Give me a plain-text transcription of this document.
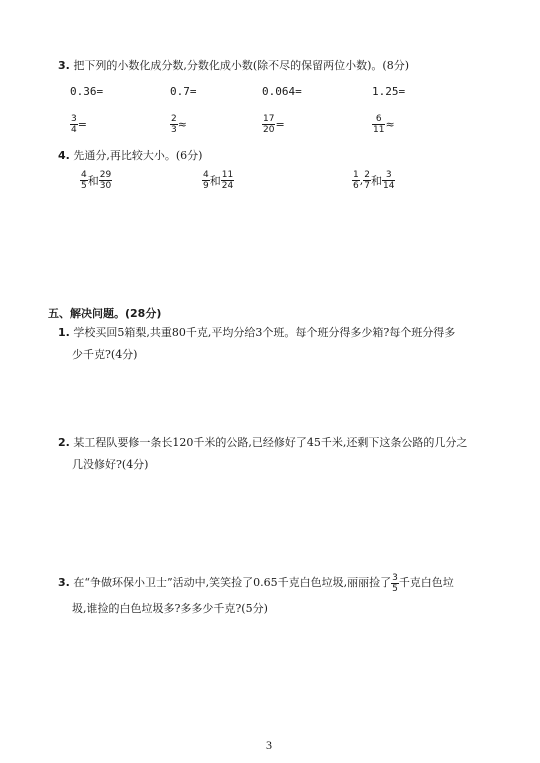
3. 把下列的小数化成分数,分数化成小数(除不尽的保留两位小数)。(8分)
0.36=	0.7=	0.064=	1.25=
$\frac{3}{4}$ =	$\frac{2}{3}$ ≈	$\frac{17}{20}$ =	$\frac{6}{11}$ ≈
4. 先通分,再比较大小。(6分)
$\frac{4}{5}$ 和 $\frac{29}{30}$	$\frac{4}{9}$ 和 $\frac{11}{24}$	$\frac{1}{6}$ , $\frac{2}{7}$ 和 $\frac{3}{14}$
五、解决问题。(28分)
1. 学校买回5箱梨,共重80千克,平均分给3个班。每个班分得多少箱?每个班分得多
少千克?(4分)
2. 某工程队要修一条长120千米的公路,已经修好了45千米,还剩下这条公路的几分之
几没修好?(4分)
3. 在“争做环保小卫士”活动中,笑笑捡了0.65千克白色垃圾,丽丽捡了 $\frac{3}{5}$ 千克白色垃
圾,谁捡的白色垃圾多?多多少千克?(5分)
3
